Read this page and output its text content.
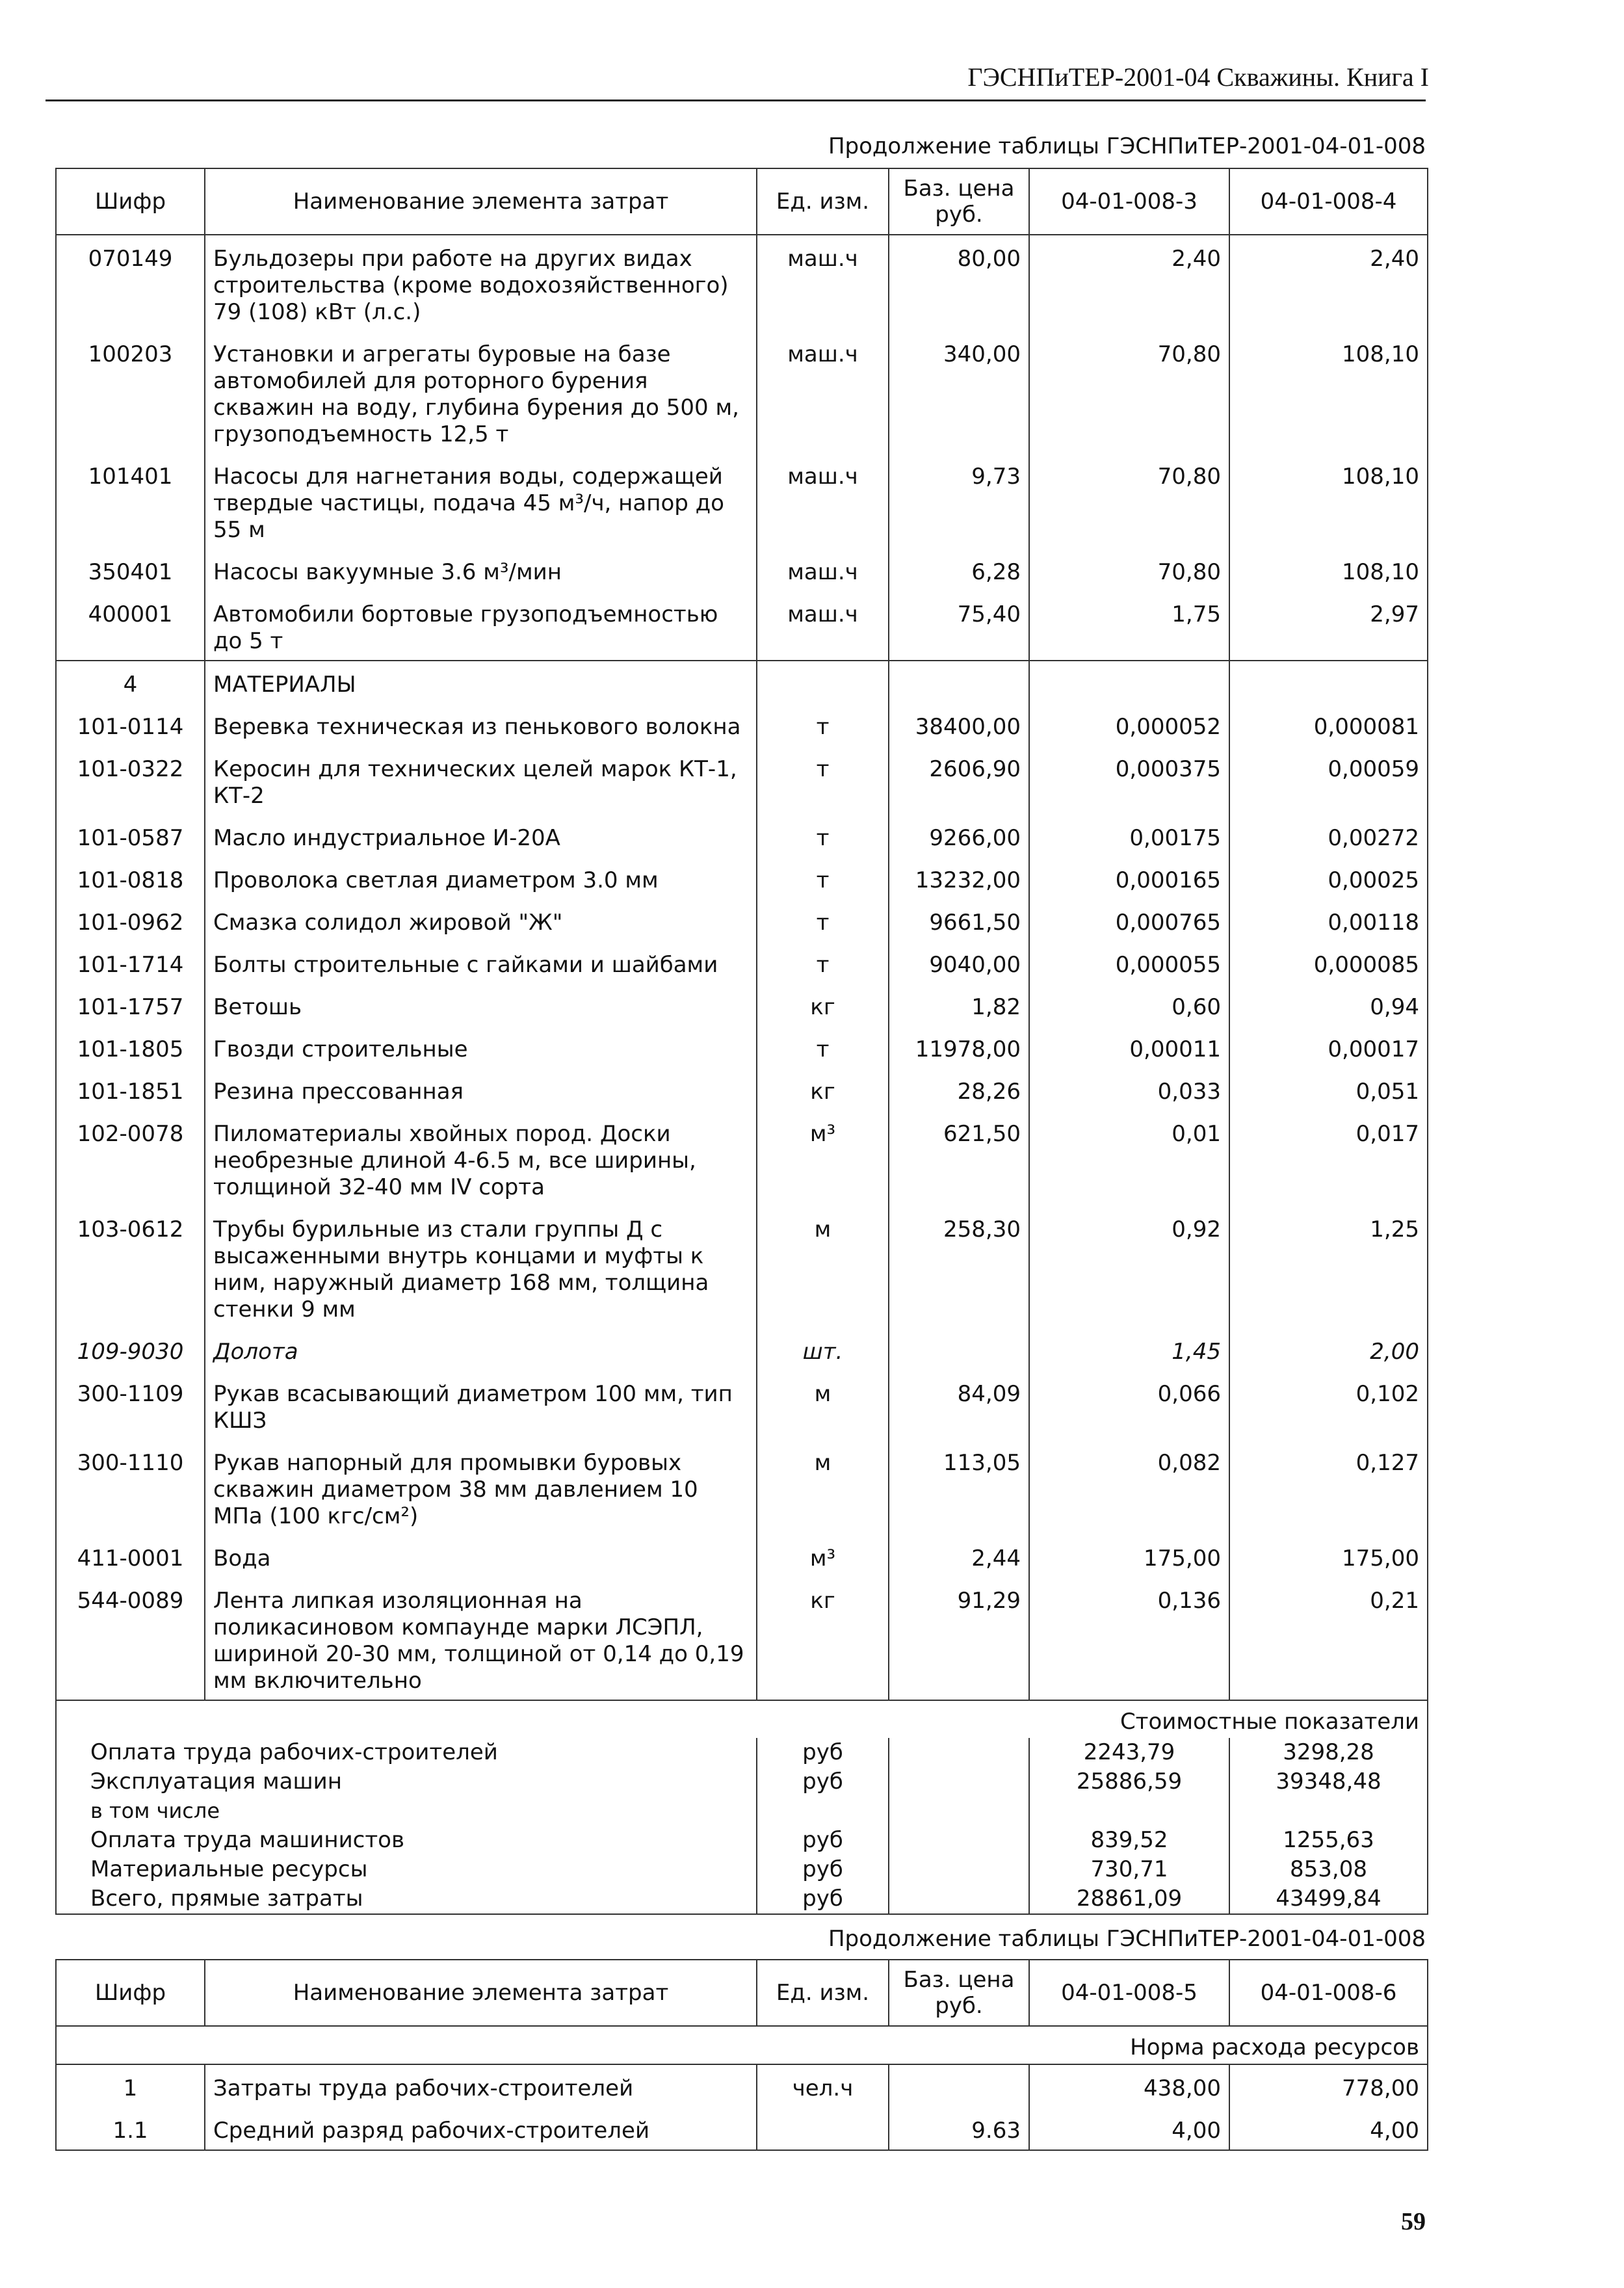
ГЭСНПиТЕР-2001-04 Скважины. Книга I
Продолжение таблицы ГЭСНПиТЕР-2001-04-01-008
Шифр	Наименование элемента затрат	Ед. изм.	Баз. цена руб.	04-01-008-3	04-01-008-4
070149	Бульдозеры при работе на других видах строительства (кроме водохозяйственного) 79 (108) кВт (л.с.)	маш.ч	80,00	2,40	2,40
100203	Установки и агрегаты буровые на базе автомобилей для роторного бурения скважин на воду, глубина бурения до 500 м, грузоподъемность 12,5 т	маш.ч	340,00	70,80	108,10
101401	Насосы для нагнетания воды, содержащей твердые частицы, подача 45 м³/ч, напор до 55 м	маш.ч	9,73	70,80	108,10
350401	Насосы вакуумные 3.6 м³/мин	маш.ч	6,28	70,80	108,10
400001	Автомобили бортовые грузоподъемностью до 5 т	маш.ч	75,40	1,75	2,97
4	МАТЕРИАЛЫ				
101-0114	Веревка техническая из пенькового волокна	т	38400,00	0,000052	0,000081
101-0322	Керосин для технических целей марок КТ-1, КТ-2	т	2606,90	0,000375	0,00059
101-0587	Масло индустриальное И-20А	т	9266,00	0,00175	0,00272
101-0818	Проволока светлая диаметром 3.0 мм	т	13232,00	0,000165	0,00025
101-0962	Смазка солидол жировой "Ж"	т	9661,50	0,000765	0,00118
101-1714	Болты строительные с гайками и шайбами	т	9040,00	0,000055	0,000085
101-1757	Ветошь	кг	1,82	0,60	0,94
101-1805	Гвозди строительные	т	11978,00	0,00011	0,00017
101-1851	Резина прессованная	кг	28,26	0,033	0,051
102-0078	Пиломатериалы хвойных пород. Доски необрезные длиной 4-6.5 м, все ширины, толщиной 32-40 мм IV сорта	м³	621,50	0,01	0,017
103-0612	Трубы бурильные из стали группы Д с высаженными внутрь концами и муфты к ним, наружный диаметр 168 мм, толщина стенки 9 мм	м	258,30	0,92	1,25
109-9030	Долота	шт.		1,45	2,00
300-1109	Рукав всасывающий диаметром 100 мм, тип КШЗ	м	84,09	0,066	0,102
300-1110	Рукав напорный для промывки буровых скважин диаметром 38 мм давлением 10 МПа (100 кгс/см²)	м	113,05	0,082	0,127
411-0001	Вода	м³	2,44	175,00	175,00
544-0089	Лента липкая изоляционная на поликасиновом компаунде марки ЛСЭПЛ, шириной 20-30 мм, толщиной от 0,14 до 0,19 мм включительно	кг	91,29	0,136	0,21
				Стоимостные показатели	
Оплата труда рабочих-строителей		руб		2243,79	3298,28
Эксплуатация машин		руб		25886,59	39348,48
в том числе					
Оплата труда машинистов		руб		839,52	1255,63
Материальные ресурсы		руб		730,71	853,08
Всего, прямые затраты		руб		28861,09	43499,84
Продолжение таблицы ГЭСНПиТЕР-2001-04-01-008
Шифр	Наименование элемента затрат	Ед. изм.	Баз. цена руб.	04-01-008-5	04-01-008-6
				Норма расхода ресурсов	
1	Затраты труда рабочих-строителей	чел.ч		438,00	778,00
1.1	Средний разряд рабочих-строителей		9.63	4,00	4,00
59
